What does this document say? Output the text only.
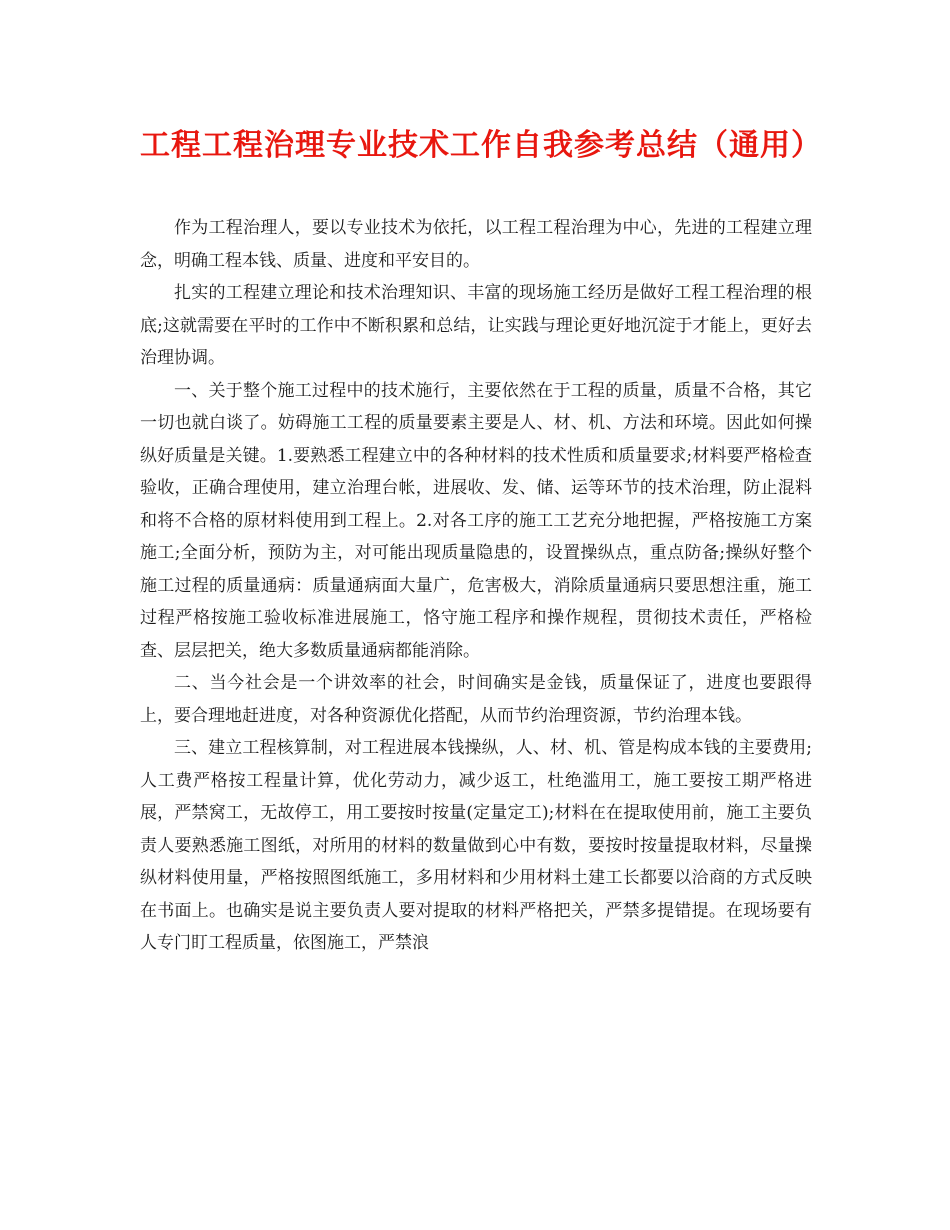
工程工程治理专业技术工作自我参考总结（通用）

作为工程治理人，要以专业技术为依托，以工程工程治理为中心，先进的工程建立理念，明确工程本钱、质量、进度和平安目的。

扎实的工程建立理论和技术治理知识、丰富的现场施工经历是做好工程工程治理的根底;这就需要在平时的工作中不断积累和总结，让实践与理论更好地沉淀于才能上，更好去治理协调。

一、关于整个施工过程中的技术施行，主要依然在于工程的质量，质量不合格，其它一切也就白谈了。妨碍施工工程的质量要素主要是人、材、机、方法和环境。因此如何操纵好质量是关键。1.要熟悉工程建立中的各种材料的技术性质和质量要求;材料要严格检查验收，正确合理使用，建立治理台帐，进展收、发、储、运等环节的技术治理，防止混料和将不合格的原材料使用到工程上。2.对各工序的施工工艺充分地把握，严格按施工方案施工;全面分析，预防为主，对可能出现质量隐患的，设置操纵点，重点防备;操纵好整个施工过程的质量通病：质量通病面大量广，危害极大，消除质量通病只要思想注重，施工过程严格按施工验收标准进展施工，恪守施工程序和操作规程，贯彻技术责任，严格检查、层层把关，绝大多数质量通病都能消除。

二、当今社会是一个讲效率的社会，时间确实是金钱，质量保证了，进度也要跟得上，要合理地赶进度，对各种资源优化搭配，从而节约治理资源，节约治理本钱。

三、建立工程核算制，对工程进展本钱操纵，人、材、机、管是构成本钱的主要费用;人工费严格按工程量计算，优化劳动力，减少返工，杜绝滥用工，施工要按工期严格进展，严禁窝工，无故停工，用工要按时按量(定量定工);材料在在提取使用前，施工主要负责人要熟悉施工图纸，对所用的材料的数量做到心中有数，要按时按量提取材料，尽量操纵材料使用量，严格按照图纸施工，多用材料和少用材料土建工长都要以洽商的方式反映在书面上。也确实是说主要负责人要对提取的材料严格把关，严禁多提错提。在现场要有人专门盯工程质量，依图施工，严禁浪
